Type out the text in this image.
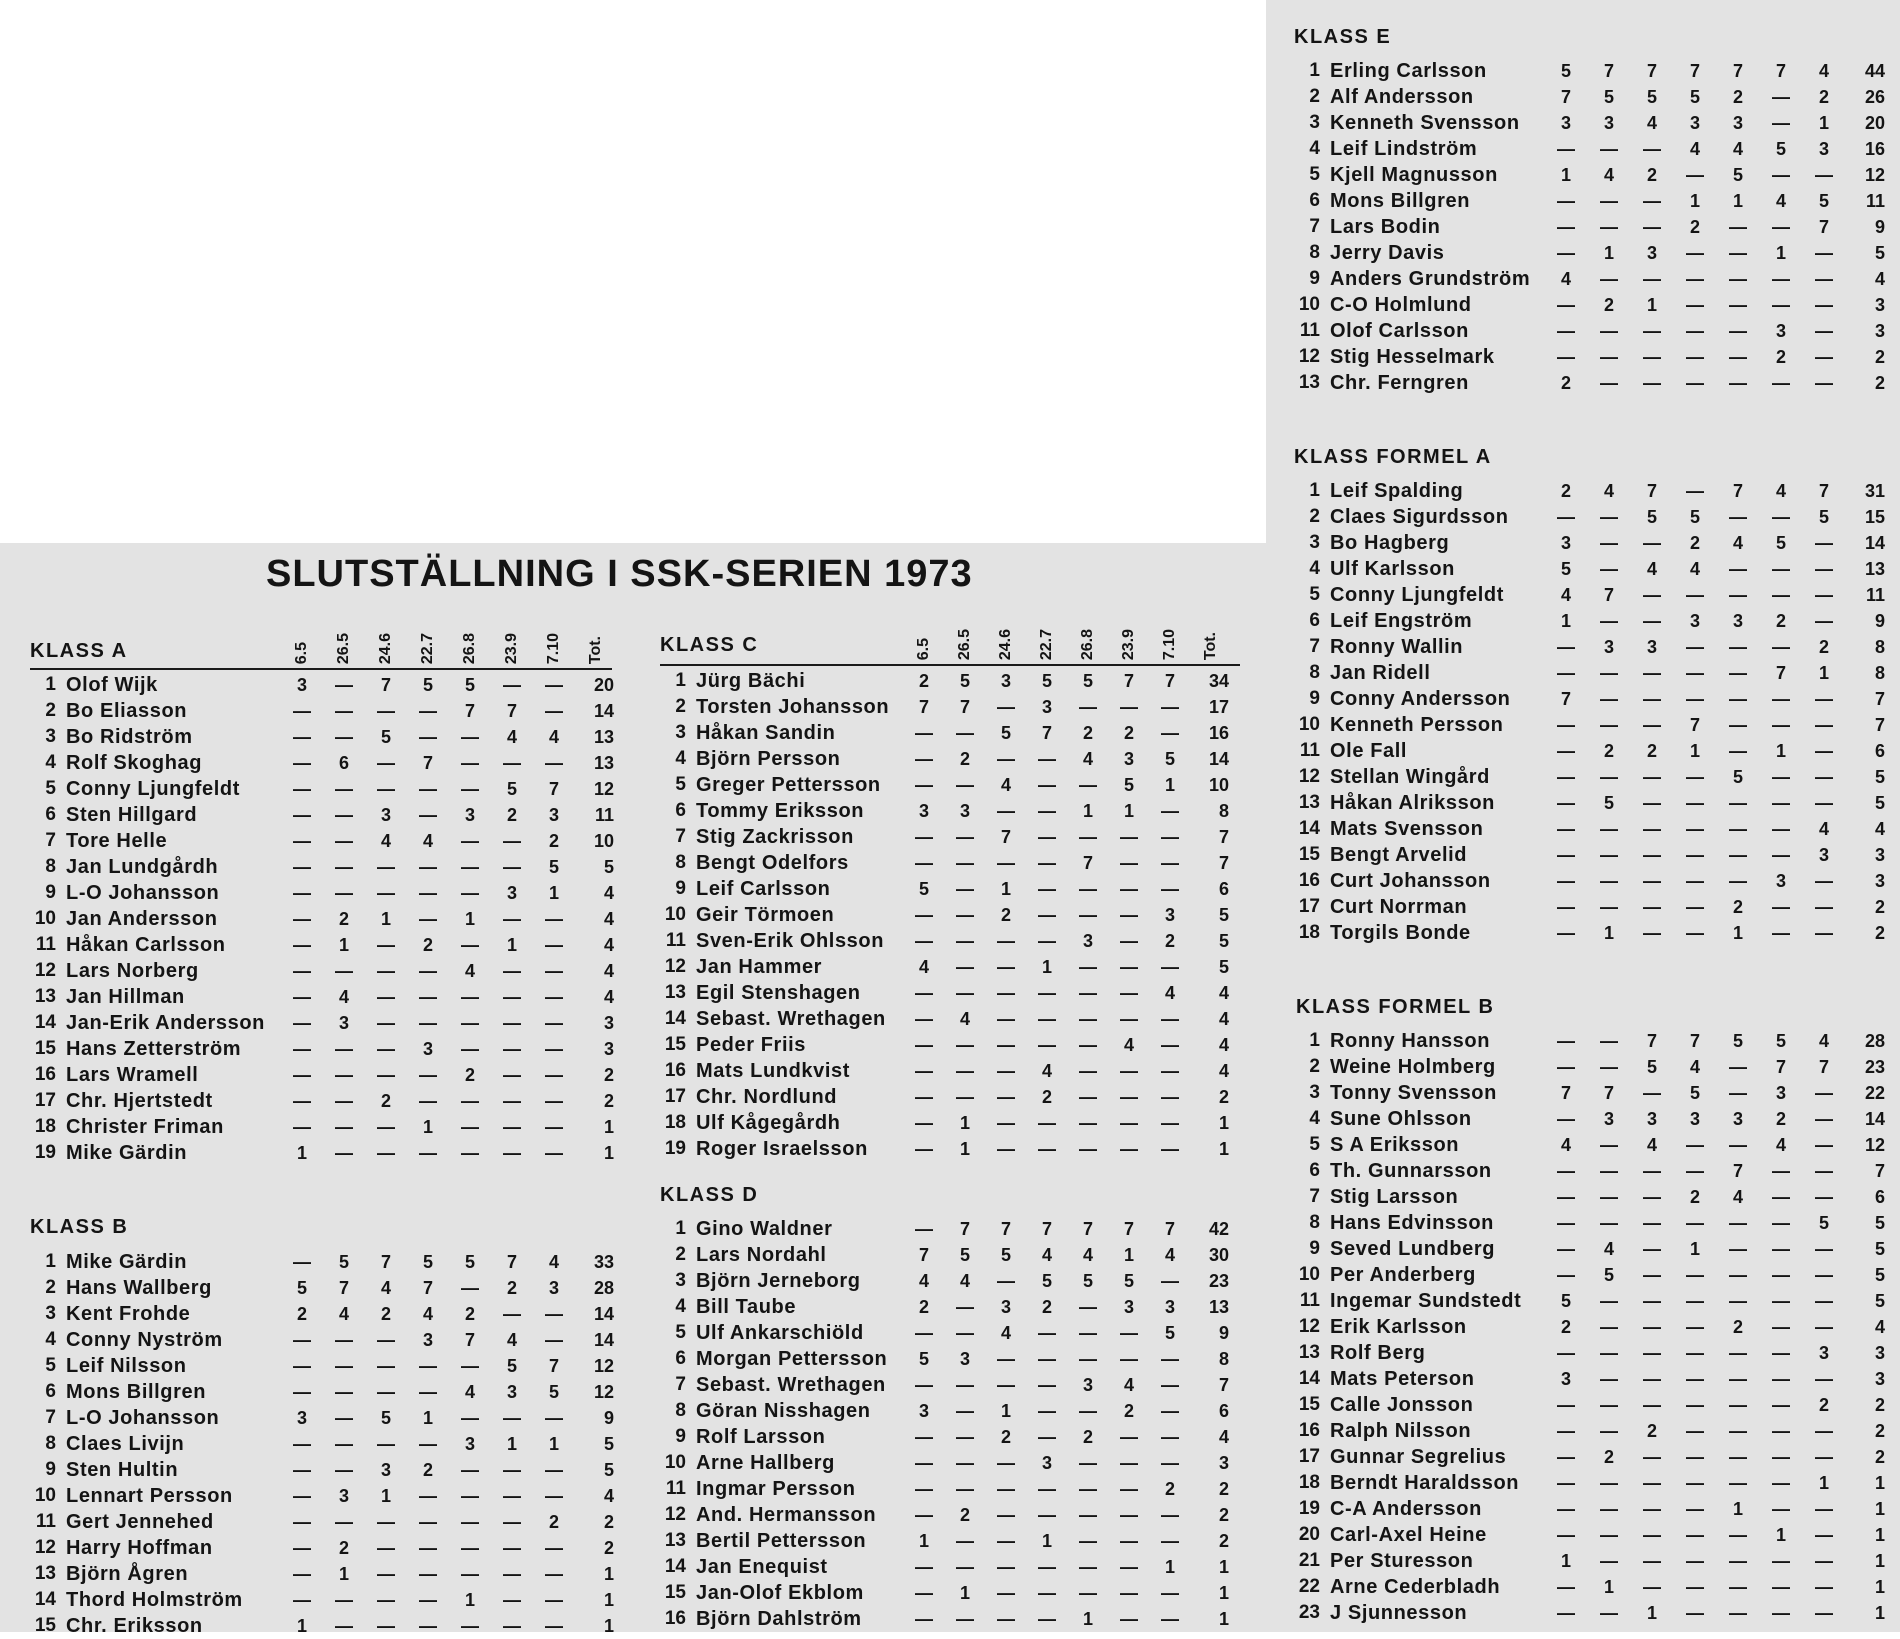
SLUTSTÄLLNING I SSK-SERIEN 1973
KLASS A	6.5 26.5 24.6 22.7 26.8 23.9 7.10 Tot.
1 Olof Wijk	3	—	7	5	5	—	—	20
2 Bo Eliasson	—	—	—	—	7	7	—	14
3 Bo Ridström	—	—	5	—	—	4	4	13
4 Rolf Skoghag	—	6	—	7	—	—	—	13
5 Conny Ljungfeldt	—	—	—	—	—	5	7	12
6 Sten Hillgard	—	—	3	—	3	2	3	11
7 Tore Helle	—	—	4	4	—	—	2	10
8 Jan Lundgårdh	—	—	—	—	—	—	5	5
9 L-O Johansson	—	—	—	—	—	3	1	4
10 Jan Andersson	—	2	1	—	1	—	—	4
11 Håkan Carlsson	—	1	—	2	—	1	—	4
12 Lars Norberg	—	—	—	—	4	—	—	4
13 Jan Hillman	—	4	—	—	—	—	—	4
14 Jan-Erik Andersson	—	3	—	—	—	—	—	3
15 Hans Zetterström	—	—	—	3	—	—	—	3
16 Lars Wramell	—	—	—	—	2	—	—	2
17 Chr. Hjertstedt	—	—	2	—	—	—	—	2
18 Christer Friman	—	—	—	1	—	—	—	1
19 Mike Gärdin	1	—	—	—	—	—	—	1
KLASS B
1 Mike Gärdin	—	5	7	5	5	7	4	33
2 Hans Wallberg	5	7	4	7	—	2	3	28
3 Kent Frohde	2	4	2	4	2	—	—	14
4 Conny Nyström	—	—	—	3	7	4	—	14
5 Leif Nilsson	—	—	—	—	—	5	7	12
6 Mons Billgren	—	—	—	—	4	3	5	12
7 L-O Johansson	3	—	5	1	—	—	—	9
8 Claes Livijn	—	—	—	—	3	1	1	5
9 Sten Hultin	—	—	3	2	—	—	—	5
10 Lennart Persson	—	3	1	—	—	—	—	4
11 Gert Jennehed	—	—	—	—	—	—	2	2
12 Harry Hoffman	—	2	—	—	—	—	—	2
13 Björn Ågren	—	1	—	—	—	—	—	1
14 Thord Holmström	—	—	—	—	1	—	—	1
15 Chr. Eriksson	1	—	—	—	—	—	—	1
KLASS C	6.5 26.5 24.6 22.7 26.8 23.9 7.10 Tot.
1 Jürg Bächi	2	5	3	5	5	7	7	34
2 Torsten Johansson	7	7	—	3	—	—	—	17
3 Håkan Sandin	—	—	5	7	2	2	—	16
4 Björn Persson	—	2	—	—	4	3	5	14
5 Greger Pettersson	—	—	4	—	—	5	1	10
6 Tommy Eriksson	3	3	—	—	1	1	—	8
7 Stig Zackrisson	—	—	7	—	—	—	—	7
8 Bengt Odelfors	—	—	—	—	7	—	—	7
9 Leif Carlsson	5	—	1	—	—	—	—	6
10 Geir Törmoen	—	—	2	—	—	—	3	5
11 Sven-Erik Ohlsson	—	—	—	—	3	—	2	5
12 Jan Hammer	4	—	—	1	—	—	—	5
13 Egil Stenshagen	—	—	—	—	—	—	4	4
14 Sebast. Wrethagen	—	4	—	—	—	—	—	4
15 Peder Friis	—	—	—	—	—	4	—	4
16 Mats Lundkvist	—	—	—	4	—	—	—	4
17 Chr. Nordlund	—	—	—	2	—	—	—	2
18 Ulf Kågegårdh	—	1	—	—	—	—	—	1
19 Roger Israelsson	—	1	—	—	—	—	—	1
KLASS D
1 Gino Waldner	—	7	7	7	7	7	7	42
2 Lars Nordahl	7	5	5	4	4	1	4	30
3 Björn Jerneborg	4	4	—	5	5	5	—	23
4 Bill Taube	2	—	3	2	—	3	3	13
5 Ulf Ankarschiöld	—	—	4	—	—	—	5	9
6 Morgan Pettersson	5	3	—	—	—	—	—	8
7 Sebast. Wrethagen	—	—	—	—	3	4	—	7
8 Göran Nisshagen	3	—	1	—	—	2	—	6
9 Rolf Larsson	—	—	2	—	2	—	—	4
10 Arne Hallberg	—	—	—	3	—	—	—	3
11 Ingmar Persson	—	—	—	—	—	—	2	2
12 And. Hermansson	—	2	—	—	—	—	—	2
13 Bertil Pettersson	1	—	—	1	—	—	—	2
14 Jan Enequist	—	—	—	—	—	—	1	1
15 Jan-Olof Ekblom	—	1	—	—	—	—	—	1
16 Björn Dahlström	—	—	—	—	1	—	—	1
KLASS E
1 Erling Carlsson	5	7	7	7	7	7	4	44
2 Alf Andersson	7	5	5	5	2	—	2	26
3 Kenneth Svensson	3	3	4	3	3	—	1	20
4 Leif Lindström	—	—	—	4	4	5	3	16
5 Kjell Magnusson	1	4	2	—	5	—	—	12
6 Mons Billgren	—	—	—	1	1	4	5	11
7 Lars Bodin	—	—	—	2	—	—	7	9
8 Jerry Davis	—	1	3	—	—	1	—	5
9 Anders Grundström	4	—	—	—	—	—	—	4
10 C-O Holmlund	—	2	1	—	—	—	—	3
11 Olof Carlsson	—	—	—	—	—	3	—	3
12 Stig Hesselmark	—	—	—	—	—	2	—	2
13 Chr. Ferngren	2	—	—	—	—	—	—	2
KLASS FORMEL A
1 Leif Spalding	2	4	7	—	7	4	7	31
2 Claes Sigurdsson	—	—	5	5	—	—	5	15
3 Bo Hagberg	3	—	—	2	4	5	—	14
4 Ulf Karlsson	5	—	4	4	—	—	—	13
5 Conny Ljungfeldt	4	7	—	—	—	—	—	11
6 Leif Engström	1	—	—	3	3	2	—	9
7 Ronny Wallin	—	3	3	—	—	—	2	8
8 Jan Ridell	—	—	—	—	—	7	1	8
9 Conny Andersson	7	—	—	—	—	—	—	7
10 Kenneth Persson	—	—	—	7	—	—	—	7
11 Ole Fall	—	2	2	1	—	1	—	6
12 Stellan Wingård	—	—	—	—	5	—	—	5
13 Håkan Alriksson	—	5	—	—	—	—	—	5
14 Mats Svensson	—	—	—	—	—	—	4	4
15 Bengt Arvelid	—	—	—	—	—	—	3	3
16 Curt Johansson	—	—	—	—	—	3	—	3
17 Curt Norrman	—	—	—	—	2	—	—	2
18 Torgils Bonde	—	1	—	—	1	—	—	2
KLASS FORMEL B
1 Ronny Hansson	—	—	7	7	5	5	4	28
2 Weine Holmberg	—	—	5	4	—	7	7	23
3 Tonny Svensson	7	7	—	5	—	3	—	22
4 Sune Ohlsson	—	3	3	3	3	2	—	14
5 S A Eriksson	4	—	4	—	—	4	—	12
6 Th. Gunnarsson	—	—	—	—	7	—	—	7
7 Stig Larsson	—	—	—	2	4	—	—	6
8 Hans Edvinsson	—	—	—	—	—	—	5	5
9 Seved Lundberg	—	4	—	1	—	—	—	5
10 Per Anderberg	—	5	—	—	—	—	—	5
11 Ingemar Sundstedt	5	—	—	—	—	—	—	5
12 Erik Karlsson	2	—	—	—	2	—	—	4
13 Rolf Berg	—	—	—	—	—	—	3	3
14 Mats Peterson	3	—	—	—	—	—	—	3
15 Calle Jonsson	—	—	—	—	—	—	2	2
16 Ralph Nilsson	—	—	2	—	—	—	—	2
17 Gunnar Segrelius	—	2	—	—	—	—	—	2
18 Berndt Haraldsson	—	—	—	—	—	—	1	1
19 C-A Andersson	—	—	—	—	1	—	—	1
20 Carl-Axel Heine	—	—	—	—	—	1	—	1
21 Per Sturesson	1	—	—	—	—	—	—	1
22 Arne Cederbladh	—	1	—	—	—	—	—	1
23 J Sjunnesson	—	—	1	—	—	—	—	1
